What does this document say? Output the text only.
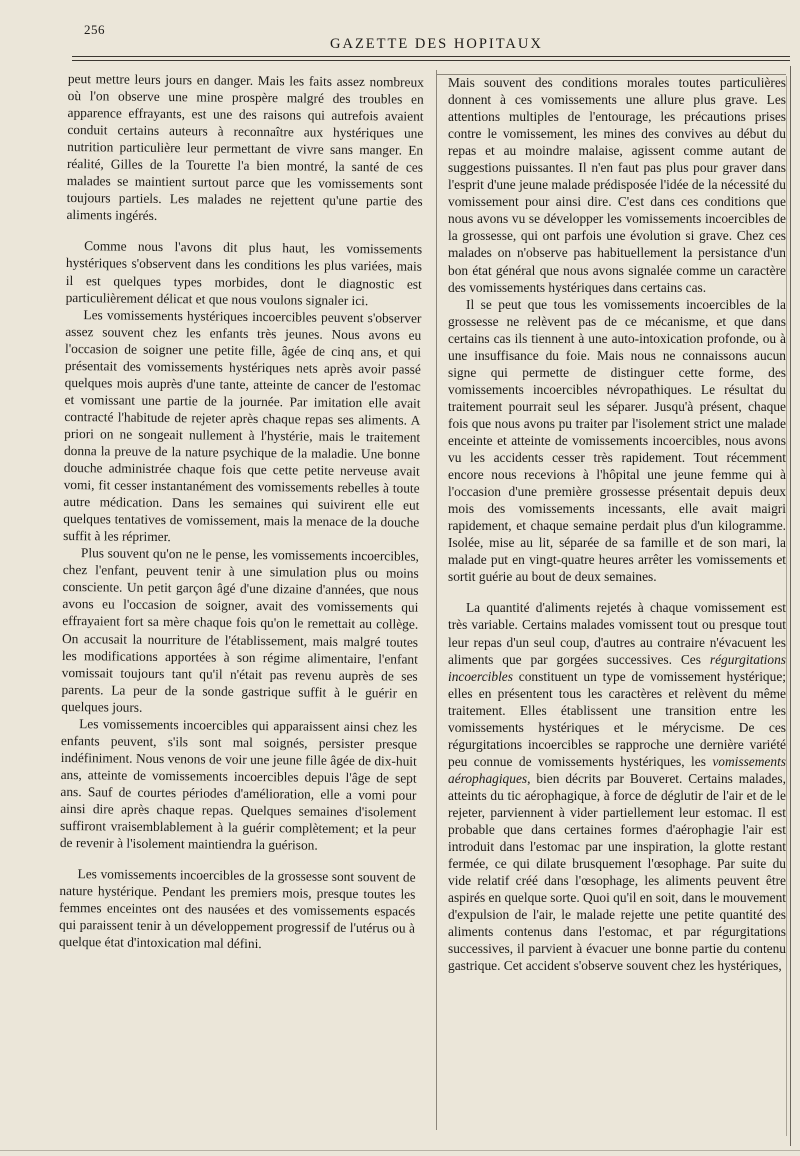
256
GAZETTE DES HOPITAUX

peut mettre leurs jours en danger. Mais les faits assez nombreux où l'on observe une mine prospère malgré des troubles en apparence effrayants, est une des raisons qui autrefois avaient conduit certains auteurs à reconnaître aux hystériques une nutrition particulière leur permettant de vivre sans manger. En réalité, Gilles de la Tourette l'a bien montré, la santé de ces malades se maintient surtout parce que les vomissements sont toujours partiels. Les malades ne rejettent qu'une partie des aliments ingérés.

Comme nous l'avons dit plus haut, les vomissements hystériques s'observent dans les conditions les plus variées, mais il est quelques types morbides, dont le diagnostic est particulièrement délicat et que nous voulons signaler ici.

Les vomissements hystériques incoercibles peuvent s'observer assez souvent chez les enfants très jeunes. Nous avons eu l'occasion de soigner une petite fille, âgée de cinq ans, et qui présentait des vomissements hystériques nets après avoir passé quelques mois auprès d'une tante, atteinte de cancer de l'estomac et vomissant une partie de la journée. Par imitation elle avait contracté l'habitude de rejeter après chaque repas ses aliments. A priori on ne songeait nullement à l'hystérie, mais le traitement donna la preuve de la nature psychique de la maladie. Une bonne douche administrée chaque fois que cette petite nerveuse avait vomi, fit cesser instantanément des vomissements rebelles à toute autre médication. Dans les semaines qui suivirent elle eut quelques tentatives de vomissement, mais la menace de la douche suffit à les réprimer.

Plus souvent qu'on ne le pense, les vomissements incoercibles, chez l'enfant, peuvent tenir à une simulation plus ou moins consciente. Un petit garçon âgé d'une dizaine d'années, que nous avons eu l'occasion de soigner, avait des vomissements qui effrayaient fort sa mère chaque fois qu'on le remettait au collège. On accusait la nourriture de l'établissement, mais malgré toutes les modifications apportées à son régime alimentaire, l'enfant vomissait toujours tant qu'il n'était pas revenu auprès de ses parents. La peur de la sonde gastrique suffit à le guérir en quelques jours.

Les vomissements incoercibles qui apparaissent ainsi chez les enfants peuvent, s'ils sont mal soignés, persister presque indéfiniment. Nous venons de voir une jeune fille âgée de dix-huit ans, atteinte de vomissements incoercibles depuis l'âge de sept ans. Sauf de courtes périodes d'amélioration, elle a vomi pour ainsi dire après chaque repas. Quelques semaines d'isolement suffiront vraisemblablement à la guérir complètement; et la peur de revenir à l'isolement maintiendra la guérison.

Les vomissements incoercibles de la grossesse sont souvent de nature hystérique. Pendant les premiers mois, presque toutes les femmes enceintes ont des nausées et des vomissements espacés qui paraissent tenir à un développement progressif de l'utérus ou à quelque état d'intoxication mal défini.

Mais souvent des conditions morales toutes particulières donnent à ces vomissements une allure plus grave. Les attentions multiples de l'entourage, les précautions prises contre le vomissement, les mines des convives au début du repas et au moindre malaise, agissent comme autant de suggestions puissantes. Il n'en faut pas plus pour graver dans l'esprit d'une jeune malade prédisposée l'idée de la nécessité du vomissement pour ainsi dire. C'est dans ces conditions que nous avons vu se développer les vomissements incoercibles de la grossesse, qui ont parfois une évolution si grave. Chez ces malades on n'observe pas habituellement la persistance d'un bon état général que nous avons signalée comme un caractère des vomissements hystériques dans certains cas.

Il se peut que tous les vomissements incoercibles de la grossesse ne relèvent pas de ce mécanisme, et que dans certains cas ils tiennent à une auto-intoxication profonde, ou à une insuffisance du foie. Mais nous ne connaissons aucun signe qui permette de distinguer cette forme, des vomissements incoercibles névropathiques. Le résultat du traitement pourrait seul les séparer. Jusqu'à présent, chaque fois que nous avons pu traiter par l'isolement strict une malade enceinte et atteinte de vomissements incoercibles, nous avons vu les accidents cesser très rapidement. Tout récemment encore nous recevions à l'hôpital une jeune femme qui à l'occasion d'une première grossesse présentait depuis deux mois des vomissements incessants, elle avait maigri rapidement, et chaque semaine perdait plus d'un kilogramme. Isolée, mise au lit, séparée de sa famille et de son mari, la malade put en vingt-quatre heures arrêter les vomissements et sortit guérie au bout de deux semaines.

La quantité d'aliments rejetés à chaque vomissement est très variable. Certains malades vomissent tout ou presque tout leur repas d'un seul coup, d'autres au contraire n'évacuent les aliments que par gorgées successives. Ces régurgitations incoercibles constituent un type de vomissement hystérique; elles en présentent tous les caractères et relèvent du même traitement. Elles établissent une transition entre les vomissements hystériques et le mérycisme. De ces régurgitations incoercibles se rapproche une dernière variété peu connue de vomissements hystériques, les vomissements aérophagiques, bien décrits par Bouveret. Certains malades, atteints du tic aérophagique, à force de déglutir de l'air et de le rejeter, parviennent à vider partiellement leur estomac. Il est probable que dans certaines formes d'aérophagie l'air est introduit dans l'estomac par une inspiration, la glotte restant fermée, ce qui dilate brusquement l'œsophage. Par suite du vide relatif créé dans l'œsophage, les aliments peuvent être aspirés en quelque sorte. Quoi qu'il en soit, dans le mouvement d'expulsion de l'air, le malade rejette une petite quantité des aliments contenus dans l'estomac, et par régurgitations successives, il parvient à évacuer une bonne partie du contenu gastrique. Cet accident s'observe souvent chez les hystériques,
